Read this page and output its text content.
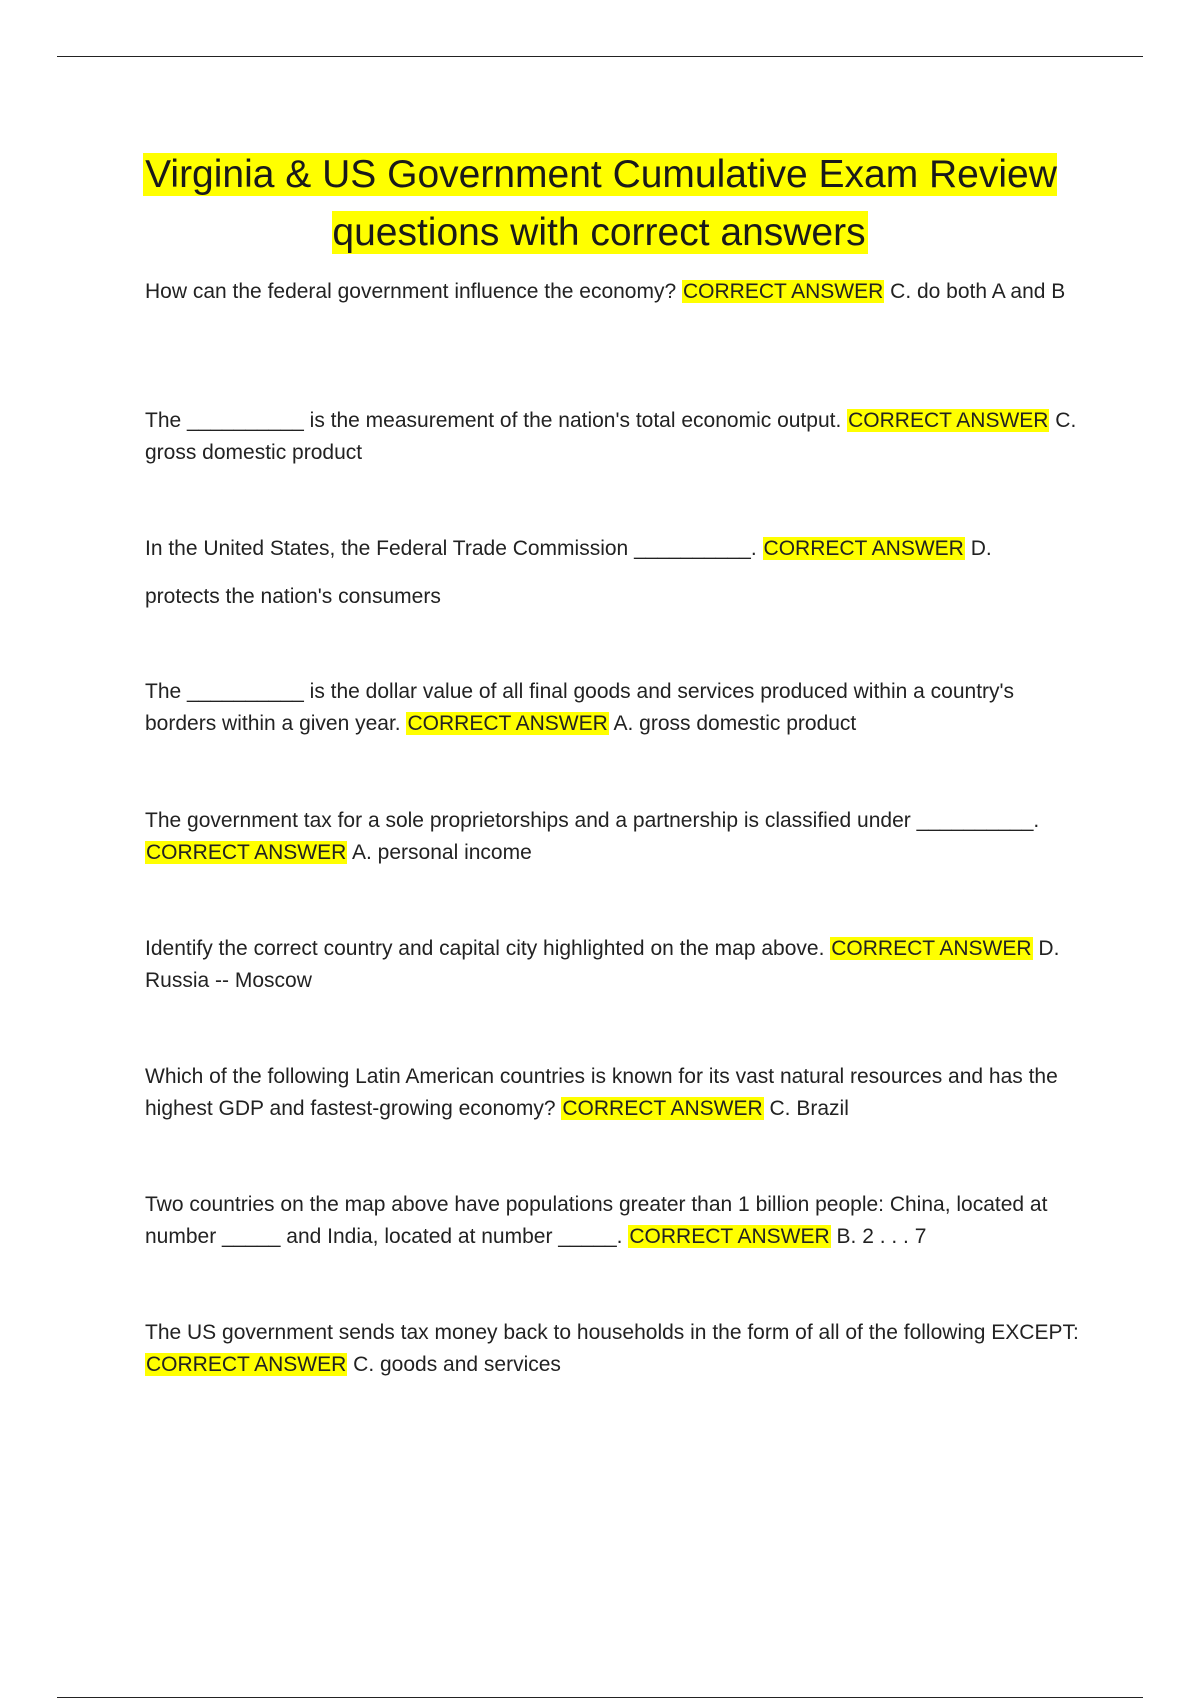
Virginia & US Government Cumulative Exam Review questions with correct answers

How can the federal government influence the economy? CORRECT ANSWER C. do both A and B

The __________ is the measurement of the nation's total economic output. CORRECT ANSWER C. gross domestic product

In the United States, the Federal Trade Commission __________. CORRECT ANSWER D.
protects the nation's consumers

The __________ is the dollar value of all final goods and services produced within a country's borders within a given year. CORRECT ANSWER A. gross domestic product

The government tax for a sole proprietorships and a partnership is classified under __________. CORRECT ANSWER A. personal income

Identify the correct country and capital city highlighted on the map above. CORRECT ANSWER D. Russia -- Moscow

Which of the following Latin American countries is known for its vast natural resources and has the highest GDP and fastest-growing economy? CORRECT ANSWER C. Brazil

Two countries on the map above have populations greater than 1 billion people: China, located at number _____ and India, located at number _____. CORRECT ANSWER B. 2 . . . 7

The US government sends tax money back to households in the form of all of the following EXCEPT: CORRECT ANSWER C. goods and services
